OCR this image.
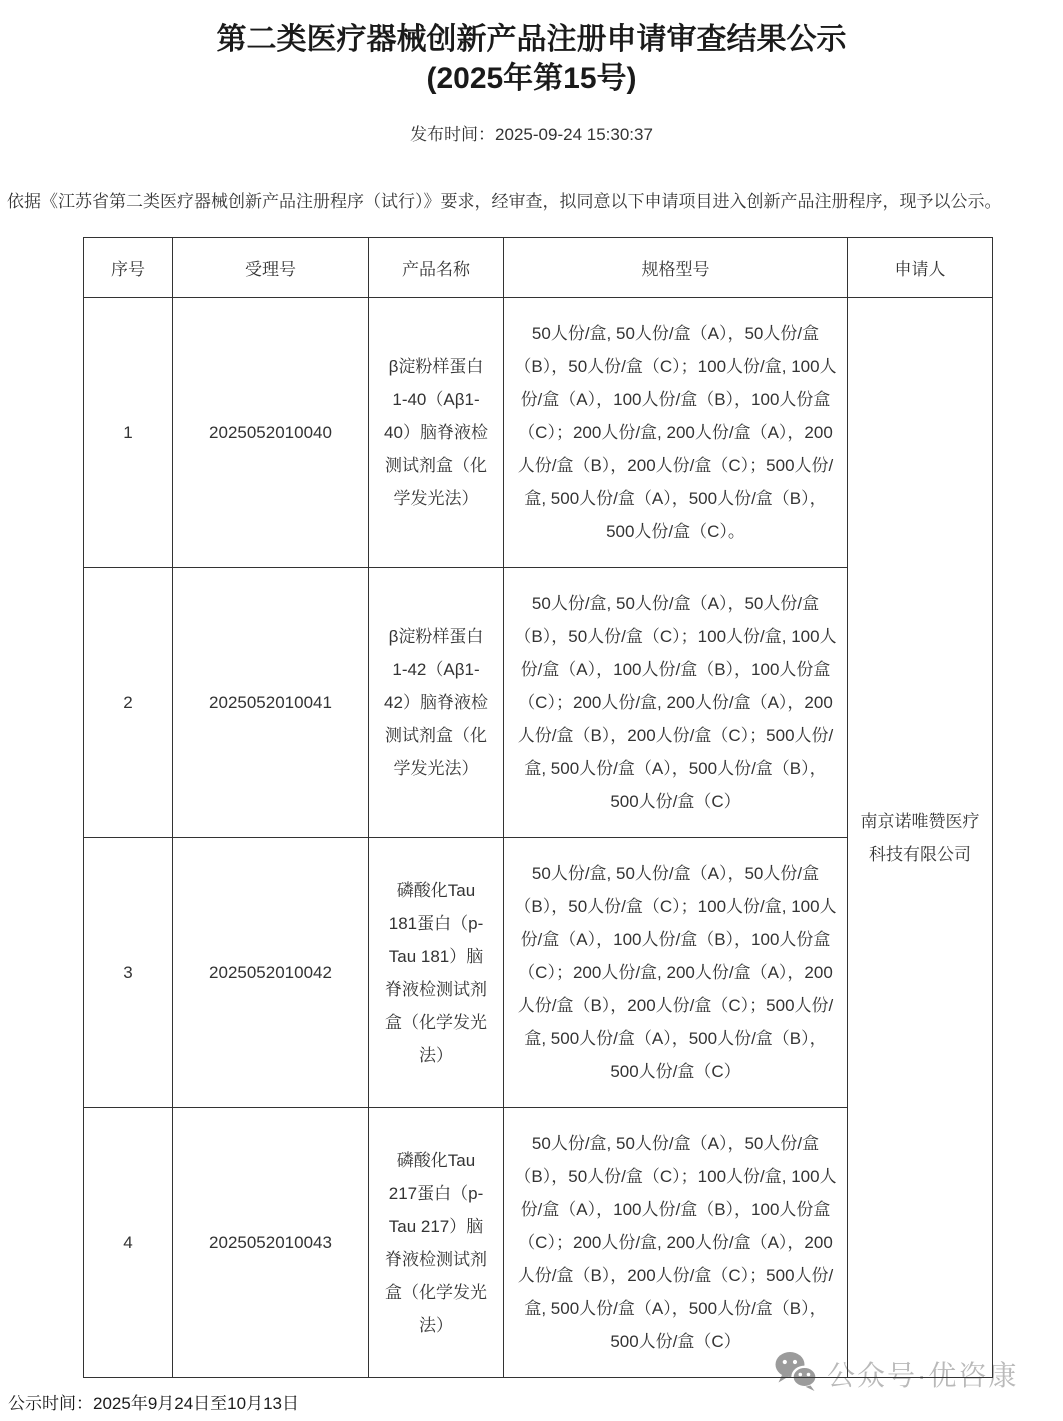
第二类医疗器械创新产品注册申请审查结果公示
(2025年第15号)
发布时间：2025-09-24 15:30:37
依据《江苏省第二类医疗器械创新产品注册程序（试行）》要求，经审查，拟同意以下申请项目进入创新产品注册程序，现予以公示。
公众号·优咨康
序号	受理号	产品名称	规格型号	申请人
1	2025052010040	β淀粉样蛋白1-40（Aβ1-40）脑脊液检测试剂盒（化学发光法）	50人份/盒, 50人份/盒（A），50人份/盒（B），50人份/盒（C）；100人份/盒, 100人份/盒（A），100人份/盒（B），100人份盒（C）；200人份/盒, 200人份/盒（A），200人份/盒（B），200人份/盒（C）；500人份/盒, 500人份/盒（A），500人份/盒（B），500人份/盒（C）。	南京诺唯赞医疗科技有限公司
2	2025052010041	β淀粉样蛋白1-42（Aβ1-42）脑脊液检测试剂盒（化学发光法）	50人份/盒, 50人份/盒（A），50人份/盒（B），50人份/盒（C）；100人份/盒, 100人份/盒（A），100人份/盒（B），100人份盒（C）；200人份/盒, 200人份/盒（A），200人份/盒（B），200人份/盒（C）；500人份/盒, 500人份/盒（A），500人份/盒（B），500人份/盒（C）	
3	2025052010042	磷酸化Tau 181蛋白（p-Tau 181）脑脊液检测试剂盒（化学发光法）	50人份/盒, 50人份/盒（A），50人份/盒（B），50人份/盒（C）；100人份/盒, 100人份/盒（A），100人份/盒（B），100人份盒（C）；200人份/盒, 200人份/盒（A），200人份/盒（B），200人份/盒（C）；500人份/盒, 500人份/盒（A），500人份/盒（B），500人份/盒（C）	
4	2025052010043	磷酸化Tau 217蛋白（p-Tau 217）脑脊液检测试剂盒（化学发光法）	50人份/盒, 50人份/盒（A），50人份/盒（B），50人份/盒（C）；100人份/盒, 100人份/盒（A），100人份/盒（B），100人份盒（C）；200人份/盒, 200人份/盒（A），200人份/盒（B），200人份/盒（C）；500人份/盒, 500人份/盒（A），500人份/盒（B），500人份/盒（C）	
公示时间：2025年9月24日至10月13日
